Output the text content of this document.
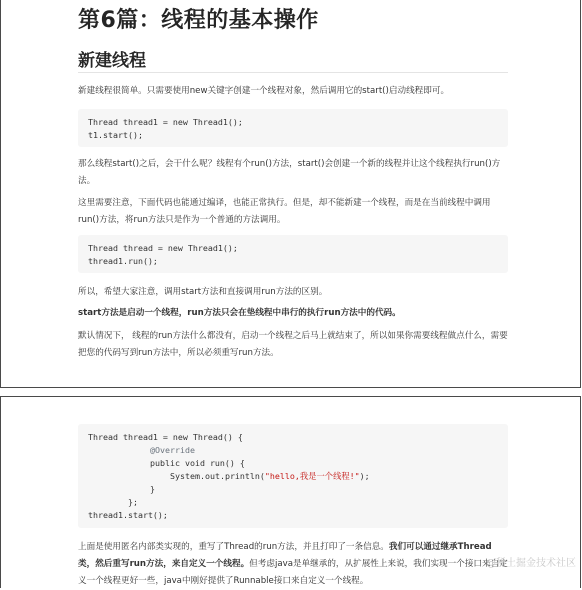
第6篇：线程的基本操作
新建线程

新建线程很简单。只需要使用new关键字创建一个线程对象，然后调用它的start()启动线程即可。

Thread thread1 = new Thread1();
t1.start();

那么线程start()之后，会干什么呢？线程有个run()方法，start()会创建一个新的线程并让这个线程执行run()方法。

这里需要注意，下面代码也能通过编译，也能正常执行。但是，却不能新建一个线程，而是在当前线程中调用run()方法，将run方法只是作为一个普通的方法调用。

Thread thread = new Thread1();
thread1.run();

所以，希望大家注意，调用start方法和直接调用run方法的区别。

start方法是启动一个线程，run方法只会在垫线程中串行的执行run方法中的代码。

默认情况下， 线程的run方法什么都没有，启动一个线程之后马上就结束了，所以如果你需要线程做点什么，需要把您的代码写到run方法中，所以必须重写run方法。

Thread thread1 = new Thread() {
@Override
public void run() {
System.out.println("hello,我是一个线程!");
}
};
thread1.start();

上面是使用匿名内部类实现的，重写了Thread的run方法，并且打印了一条信息。我们可以通过继承Thread类，然后重写run方法，来自定义一个线程。但考虑java是单继承的，从扩展性上来说，我们实现一个接口来自定义一个线程更好一些，java中刚好提供了Runnable接口来自定义一个线程。

@稀土掘金技术社区
